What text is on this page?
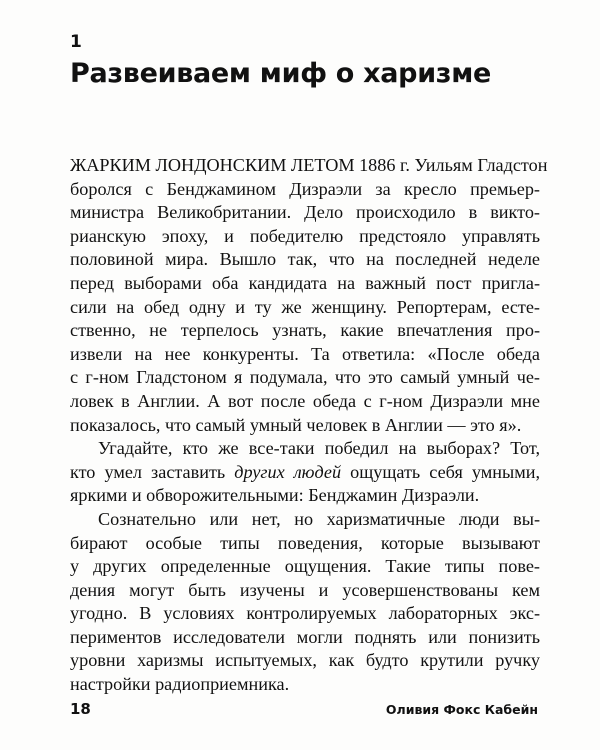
1
Развеиваем миф о харизме
ЖАРКИМ ЛОНДОНСКИМ ЛЕТОМ 1886 г. Уильям Гладстон
боролся с Бенджамином Дизраэли за кресло премьер-
министра Великобритании. Дело происходило в викто-
рианскую эпоху, и победителю предстояло управлять
половиной мира. Вышло так, что на последней неделе
перед выборами оба кандидата на важный пост пригла-
сили на обед одну и ту же женщину. Репортерам, есте-
ственно, не терпелось узнать, какие впечатления про-
извели на нее конкуренты. Та ответила: «После обеда
с г-ном Гладстоном я подумала, что это самый умный че-
ловек в Англии. А вот после обеда с г-ном Дизраэли мне
показалось, что самый умный человек в Англии — это я».
Угадайте, кто же все-таки победил на выборах? Тот,
кто умел заставить других людей ощущать себя умными,
яркими и обворожительными: Бенджамин Дизраэли.
Сознательно или нет, но харизматичные люди вы-
бирают особые типы поведения, которые вызывают
у других определенные ощущения. Такие типы пове-
дения могут быть изучены и усовершенствованы кем
угодно. В условиях контролируемых лабораторных экс-
периментов исследователи могли поднять или понизить
уровни харизмы испытуемых, как будто крутили ручку
настройки радиоприемника.
18	Оливия Фокс Кабейн
